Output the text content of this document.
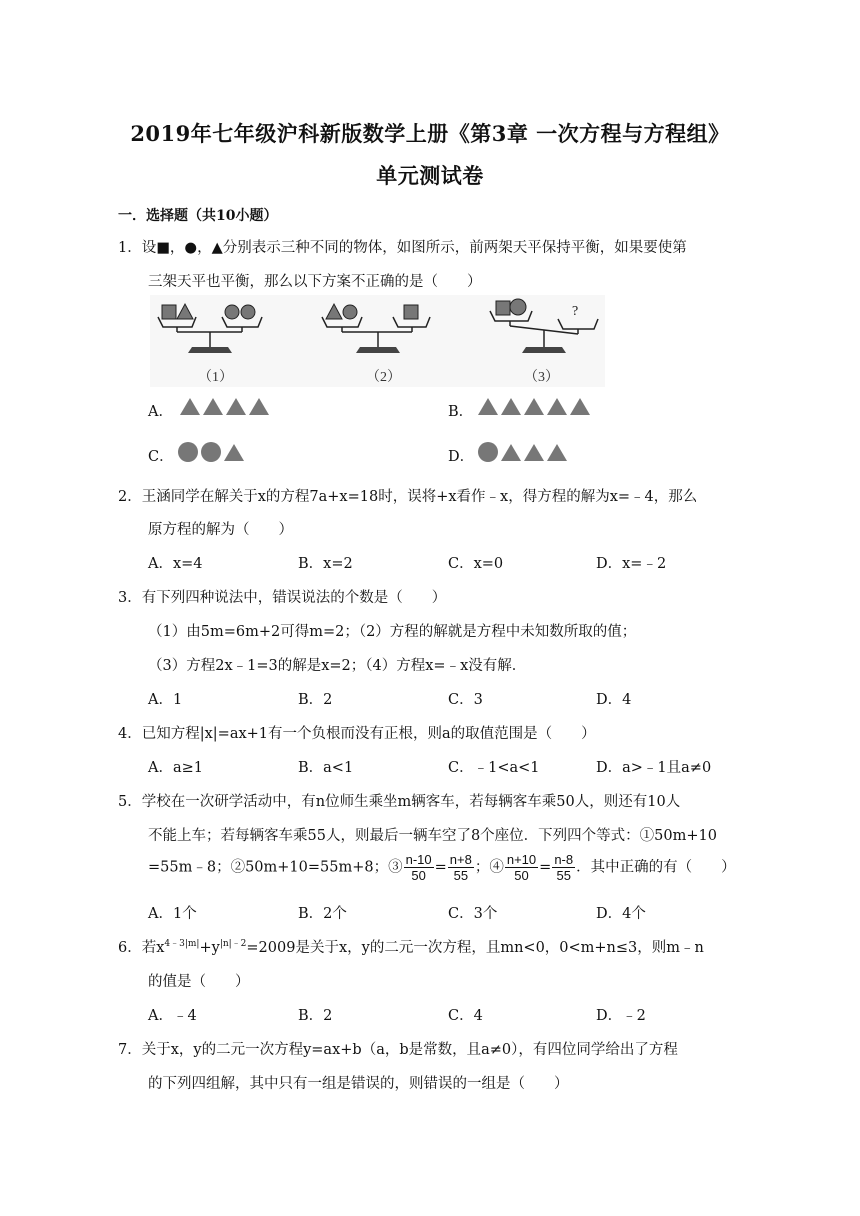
2019年七年级沪科新版数学上册《第3章 一次方程与方程组》
单元测试卷
一．选择题（共10小题）
1．设■，●，▲分别表示三种不同的物体，如图所示，前两架天平保持平衡，如果要使第
三架天平也平衡，那么以下方案不正确的是（　　）
?
（1）	（2）	（3）
A．	B．
C．	D．
2．王涵同学在解关于x的方程7a+x=18时，误将+x看作﹣x，得方程的解为x=﹣4，那么
原方程的解为（　　）
A．x=4	B．x=2	C．x=0	D．x=﹣2
3．有下列四种说法中，错误说法的个数是（　　）
（1）由5m=6m+2可得m=2；（2）方程的解就是方程中未知数所取的值；
（3）方程2x﹣1=3的解是x=2；（4）方程x=﹣x没有解．
A．1	B．2	C．3	D．4
4．已知方程|x|=ax+1有一个负根而没有正根，则a的取值范围是（　　）
A．a≥1	B．a<1	C．﹣1<a<1	D．a>﹣1且a≠0
5．学校在一次研学活动中，有n位师生乘坐m辆客车，若每辆客车乘50人，则还有10人
不能上车；若每辆客车乘55人，则最后一辆车空了8个座位．下列四个等式：①50m+10
=55m﹣8；②50m+10=55m+8；③ $\frac{n-10}{50} = \frac{n+8}{55}$ ；④ $\frac{n+10}{50} = \frac{n-8}{55}$ ．其中正确的有（　　）
A．1个	B．2个	C．3个	D．4个
6．若$x^{4﹣3|m|}+y^{|n|﹣2}=2009$是关于x，y的二元一次方程，且mn<0，0<m+n≤3，则m﹣n
的值是（　　）
A．﹣4	B．2	C．4	D．﹣2
7．关于x，y的二元一次方程y=ax+b（a，b是常数，且a≠0），有四位同学给出了方程
的下列四组解，其中只有一组是错误的，则错误的一组是（　　）
